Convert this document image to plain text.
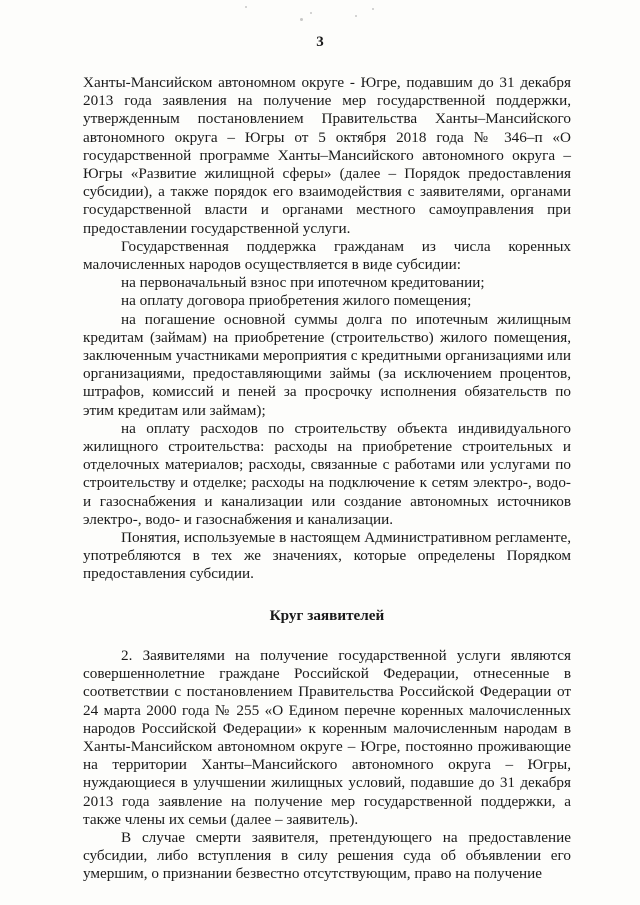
3

Ханты-Мансийском автономном округе - Югре, подавшим до 31 декабря 2013 года заявления на получение мер государственной поддержки, утвержденным постановлением Правительства Ханты–Мансийского автономного округа – Югры от 5 октября 2018 года № 346–п «О государственной программе Ханты–Мансийского автономного округа – Югры «Развитие жилищной сферы» (далее – Порядок предоставления субсидии), а также порядок его взаимодействия с заявителями, органами государственной власти и органами местного самоуправления при предоставлении государственной услуги.

Государственная поддержка гражданам из числа коренных малочисленных народов осуществляется в виде субсидии:

на первоначальный взнос при ипотечном кредитовании;

на оплату договора приобретения жилого помещения;

на погашение основной суммы долга по ипотечным жилищным кредитам (займам) на приобретение (строительство) жилого помещения, заключенным участниками мероприятия с кредитными организациями или организациями, предоставляющими займы (за исключением процентов, штрафов, комиссий и пеней за просрочку исполнения обязательств по этим кредитам или займам);

на оплату расходов по строительству объекта индивидуального жилищного строительства: расходы на приобретение строительных и отделочных материалов; расходы, связанные с работами или услугами по строительству и отделке; расходы на подключение к сетям электро-, водо- и газоснабжения и канализации или создание автономных источников электро-, водо- и газоснабжения и канализации.

Понятия, используемые в настоящем Административном регламенте, употребляются в тех же значениях, которые определены Порядком предоставления субсидии.

Круг заявителей

2. Заявителями на получение государственной услуги являются совершеннолетние граждане Российской Федерации, отнесенные в соответствии с постановлением Правительства Российской Федерации от 24 марта 2000 года № 255 «О Едином перечне коренных малочисленных народов Российской Федерации» к коренным малочисленным народам в Ханты-Мансийском автономном округе – Югре, постоянно проживающие на территории Ханты–Мансийского автономного округа – Югры, нуждающиеся в улучшении жилищных условий, подавшие до 31 декабря 2013 года заявление на получение мер государственной поддержки, а также члены их семьи (далее – заявитель).

В случае смерти заявителя, претендующего на предоставление субсидии, либо вступления в силу решения суда об объявлении его умершим, о признании безвестно отсутствующим, право на получение
